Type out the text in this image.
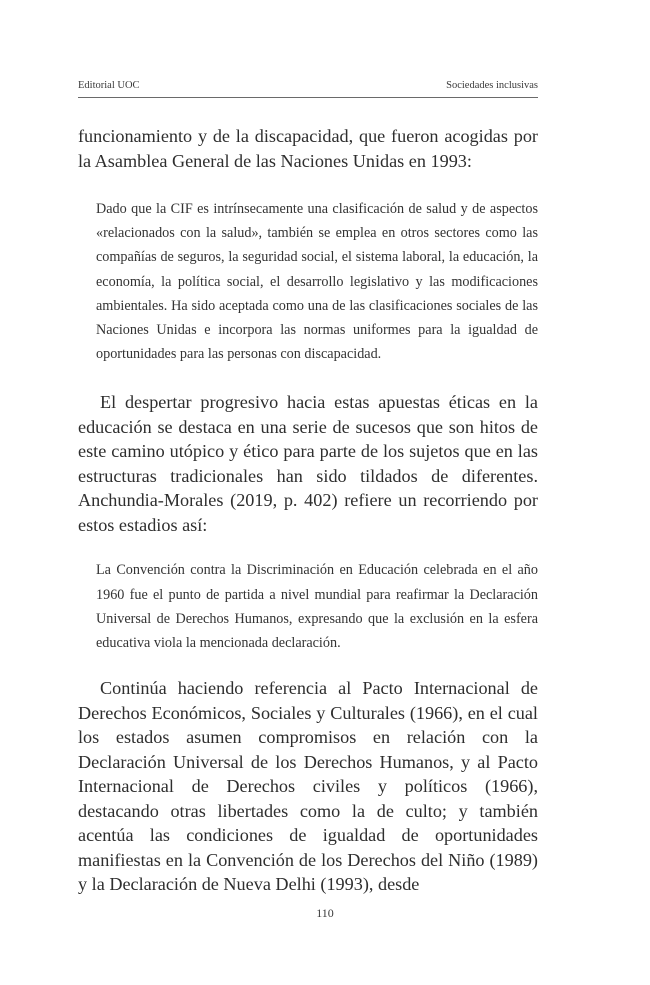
Editorial UOC	Sociedades inclusivas

funcionamiento y de la discapacidad, que fueron acogidas por la Asamblea General de las Naciones Unidas en 1993:

Dado que la CIF es intrínsecamente una clasificación de salud y de aspectos «relacionados con la salud», también se emplea en otros sectores como las compañías de seguros, la seguridad social, el sistema laboral, la educación, la economía, la política social, el desarrollo legislativo y las modificaciones ambientales. Ha sido aceptada como una de las clasificaciones sociales de las Naciones Unidas e incorpora las normas uniformes para la igualdad de oportunidades para las personas con discapacidad.

El despertar progresivo hacia estas apuestas éticas en la educación se destaca en una serie de sucesos que son hitos de este camino utópico y ético para parte de los sujetos que en las estructuras tradicionales han sido tildados de diferentes. Anchundia-Morales (2019, p. 402) refiere un recorriendo por estos estadios así:

La Convención contra la Discriminación en Educación celebrada en el año 1960 fue el punto de partida a nivel mundial para reafirmar la Declaración Universal de Derechos Humanos, expresando que la exclusión en la esfera educativa viola la mencionada declaración.

Continúa haciendo referencia al Pacto Internacional de Derechos Económicos, Sociales y Culturales (1966), en el cual los estados asumen compromisos en relación con la Declaración Universal de los Derechos Humanos, y al Pacto Internacional de Derechos civiles y políticos (1966), destacando otras libertades como la de culto; y también acentúa las condiciones de igualdad de oportunidades manifiestas en la Convención de los Derechos del Niño (1989) y la Declaración de Nueva Delhi (1993), desde

110
